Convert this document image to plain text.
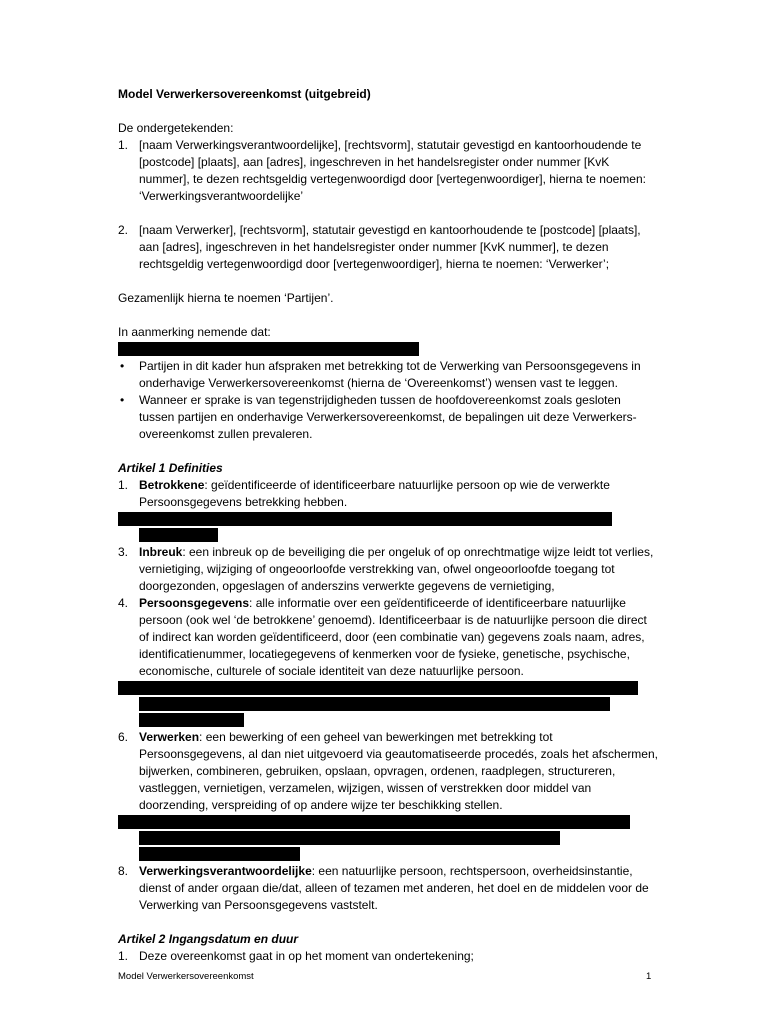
Model Verwerkersovereenkomst (uitgebreid)

De ondergetekenden:

1. [naam Verwerkingsverantwoordelijke], [rechtsvorm], statutair gevestigd en kantoorhoudende te [postcode] [plaats], aan [adres], ingeschreven in het handelsregister onder nummer [KvK nummer], te dezen rechtsgeldig vertegenwoordigd door [vertegenwoordiger], hierna te noemen: ‘Verwerkingsverantwoordelijke’
2. [naam Verwerker], [rechtsvorm], statutair gevestigd en kantoorhoudende te [postcode] [plaats], aan [adres], ingeschreven in het handelsregister onder nummer [KvK nummer], te dezen rechtsgeldig vertegenwoordigd door [vertegenwoordiger], hierna te noemen: ‘Verwerker’;

Gezamenlijk hierna te noemen ‘Partijen’.

In aanmerking nemende dat:

• Partijen in dit kader hun afspraken met betrekking tot de Verwerking van Persoonsgegevens in onderhavige Verwerkersovereenkomst (hierna de ‘Overeenkomst’) wensen vast te leggen.
• Wanneer er sprake is van tegenstrijdigheden tussen de hoofdovereenkomst zoals gesloten tussen partijen en onderhavige Verwerkersovereenkomst, de bepalingen uit deze Verwerkers-overeenkomst zullen prevaleren.

Artikel 1 Definities

1. Betrokkene: geïdentificeerde of identificeerbare natuurlijke persoon op wie de verwerkte Persoonsgegevens betrekking hebben.
3. Inbreuk: een inbreuk op de beveiliging die per ongeluk of op onrechtmatige wijze leidt tot verlies, vernietiging, wijziging of ongeoorloofde verstrekking van, ofwel ongeoorloofde toegang tot doorgezonden, opgeslagen of anderszins verwerkte gegevens de vernietiging,
4. Persoonsgegevens: alle informatie over een geïdentificeerde of identificeerbare natuurlijke persoon (ook wel ‘de betrokkene’ genoemd). Identificeerbaar is de natuurlijke persoon die direct of indirect kan worden geïdentificeerd, door (een combinatie van) gegevens zoals naam, adres, identificatienummer, locatiegegevens of kenmerken voor de fysieke, genetische, psychische, economische, culturele of sociale identiteit van deze natuurlijke persoon.
6. Verwerken: een bewerking of een geheel van bewerkingen met betrekking tot Persoonsgegevens, al dan niet uitgevoerd via geautomatiseerde procedés, zoals het afschermen, bijwerken, combineren, gebruiken, opslaan, opvragen, ordenen, raadplegen, structureren, vastleggen, vernietigen, verzamelen, wijzigen, wissen of verstrekken door middel van doorzending, verspreiding of op andere wijze ter beschikking stellen.
8. Verwerkingsverantwoordelijke: een natuurlijke persoon, rechtspersoon, overheidsinstantie, dienst of ander orgaan die/dat, alleen of tezamen met anderen, het doel en de middelen voor de Verwerking van Persoonsgegevens vaststelt.

Artikel 2 Ingangsdatum en duur

1. Deze overeenkomst gaat in op het moment van ondertekening;
Model Verwerkersovereenkomst	1
